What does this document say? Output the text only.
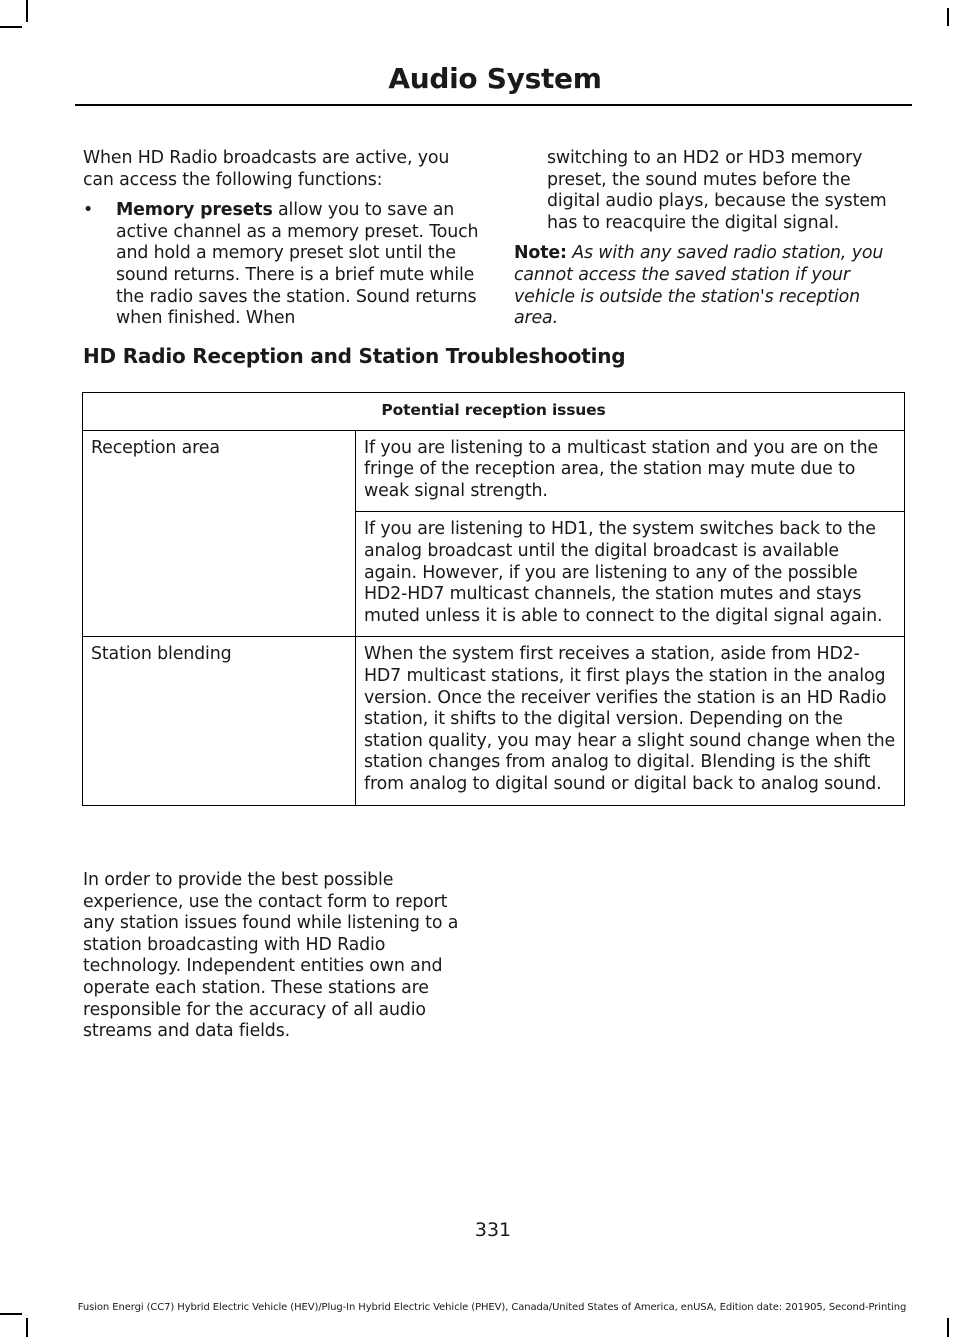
Audio System

When HD Radio broadcasts are active, you can access the following functions:

•	Memory presets allow you to save an active channel as a memory preset. Touch and hold a memory preset slot until the sound returns. There is a brief mute while the radio saves the station. Sound returns when finished. When

switching to an HD2 or HD3 memory preset, the sound mutes before the digital audio plays, because the system has to reacquire the digital signal.

Note: As with any saved radio station, you cannot access the saved station if your vehicle is outside the station's reception area.

HD Radio Reception and Station Troubleshooting
Potential reception issues	
Reception area	If you are listening to a multicast station and you are on the fringe of the reception area, the station may mute due to weak signal strength.
	If you are listening to HD1, the system switches back to the analog broadcast until the digital broadcast is available again. However, if you are listening to any of the possible HD2-HD7 multicast channels, the station mutes and stays muted unless it is able to connect to the digital signal again.
Station blending	When the system first receives a station, aside from HD2-HD7 multicast stations, it first plays the station in the analog version. Once the receiver verifies the station is an HD Radio station, it shifts to the digital version. Depending on the station quality, you may hear a slight sound change when the station changes from analog to digital. Blending is the shift from analog to digital sound or digital back to analog sound.

In order to provide the best possible experience, use the contact form to report any station issues found while listening to a station broadcasting with HD Radio technology. Independent entities own and operate each station. These stations are responsible for the accuracy of all audio streams and data fields.

331
Fusion Energi (CC7) Hybrid Electric Vehicle (HEV)/Plug-In Hybrid Electric Vehicle (PHEV), Canada/United States of America, enUSA, Edition date: 201905, Second-Printing
